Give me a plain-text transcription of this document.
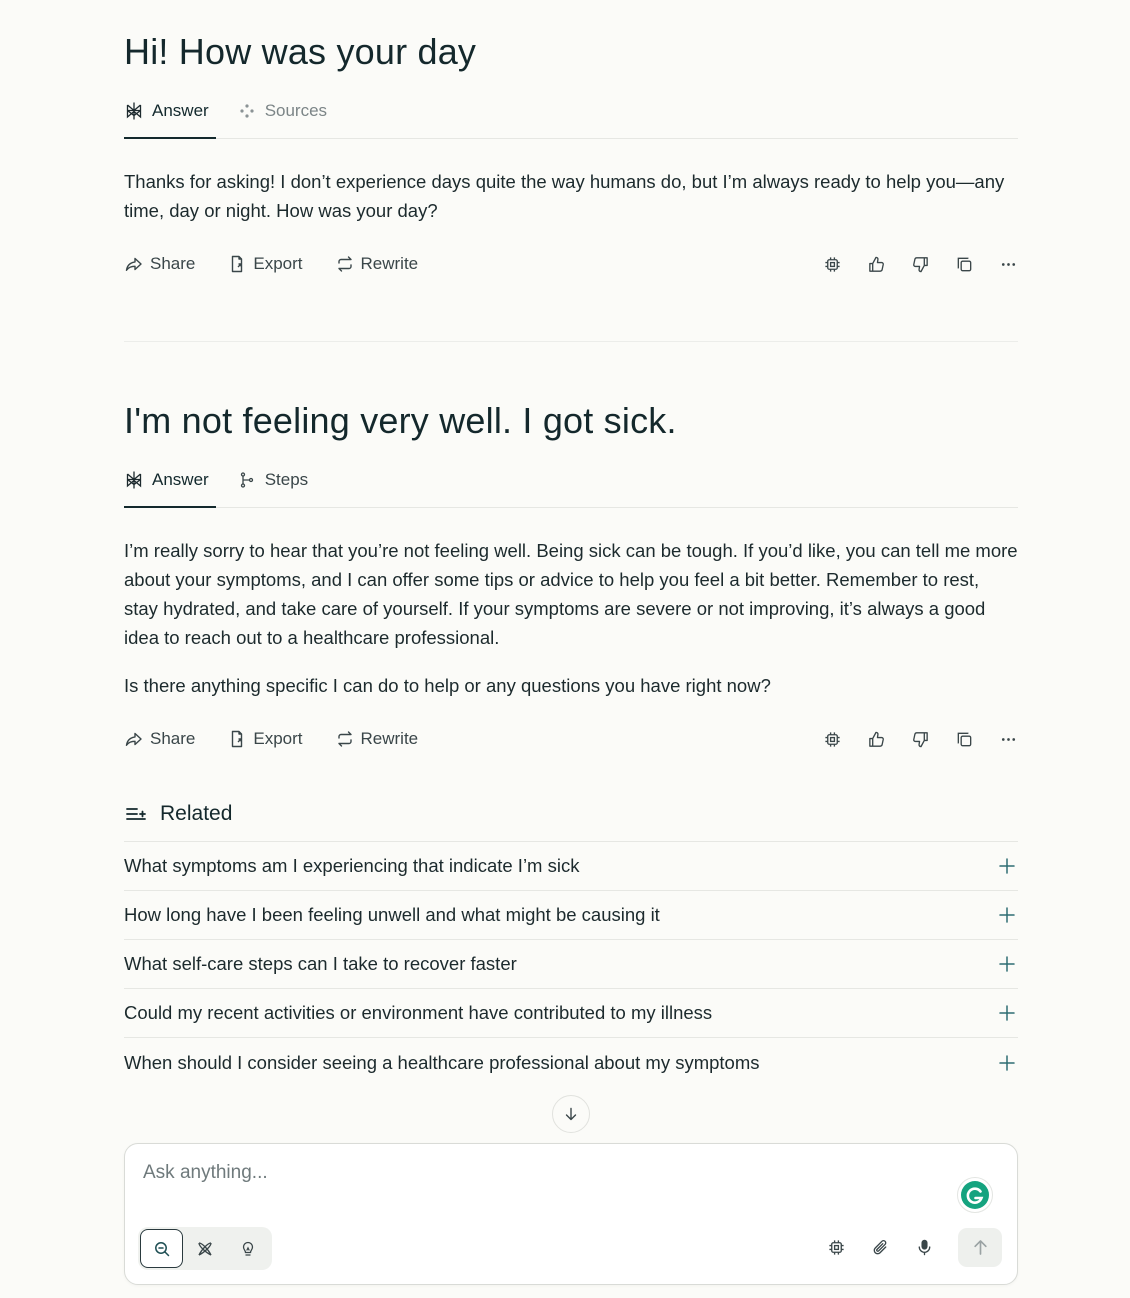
Hi! How was your day
Answer	Sources

Thanks for asking! I don’t experience days quite the way humans do, but I’m always ready to help you—any time, day or night. How was your day?

Share	Export	Rewrite
I'm not feeling very well. I got sick.
Answer	Steps

I’m really sorry to hear that you’re not feeling well. Being sick can be tough. If you’d like, you can tell me more about your symptoms, and I can offer some tips or advice to help you feel a bit better. Remember to rest, stay hydrated, and take care of yourself. If your symptoms are severe or not improving, it’s always a good idea to reach out to a healthcare professional.

Is there anything specific I can do to help or any questions you have right now?

Share	Export	Rewrite
Related
What symptoms am I experiencing that indicate I’m sick
How long have I been feeling unwell and what might be causing it
What self-care steps can I take to recover faster
Could my recent activities or environment have contributed to my illness
When should I consider seeing a healthcare professional about my symptoms
Ask anything...
